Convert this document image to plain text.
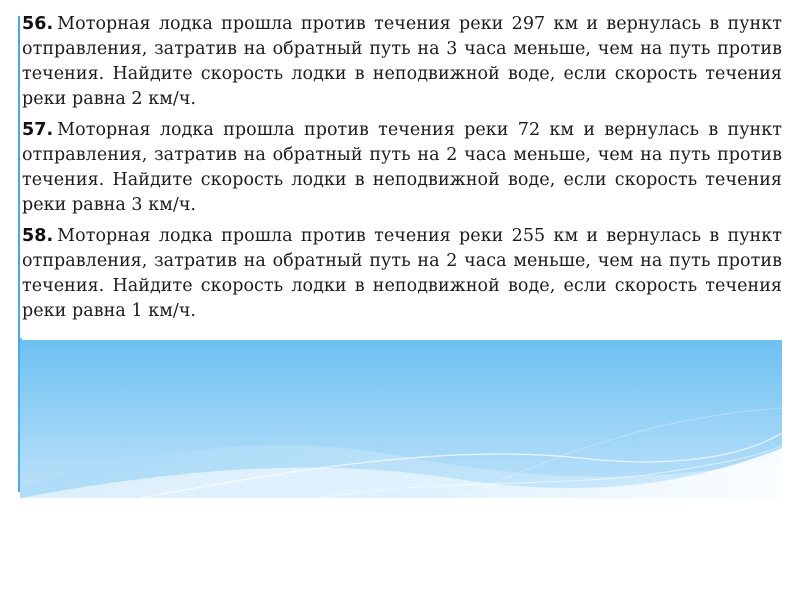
56. Моторная лодка прошла против течения реки 297 км и вернулась в пункт отправления, затратив на обратный путь на 3 часа меньше, чем на путь против течения. Найдите скорость лодки в неподвижной воде, если скорость течения реки равна 2 км/ч.

57. Моторная лодка прошла против течения реки 72 км и вернулась в пункт отправления, затратив на обратный путь на 2 часа меньше, чем на путь против течения. Найдите скорость лодки в неподвижной воде, если скорость течения реки равна 3 км/ч.

58. Моторная лодка прошла против течения реки 255 км и вернулась в пункт отправления, затратив на обратный путь на 2 часа меньше, чем на путь против течения. Найдите скорость лодки в неподвижной воде, если скорость течения реки равна 1 км/ч.
